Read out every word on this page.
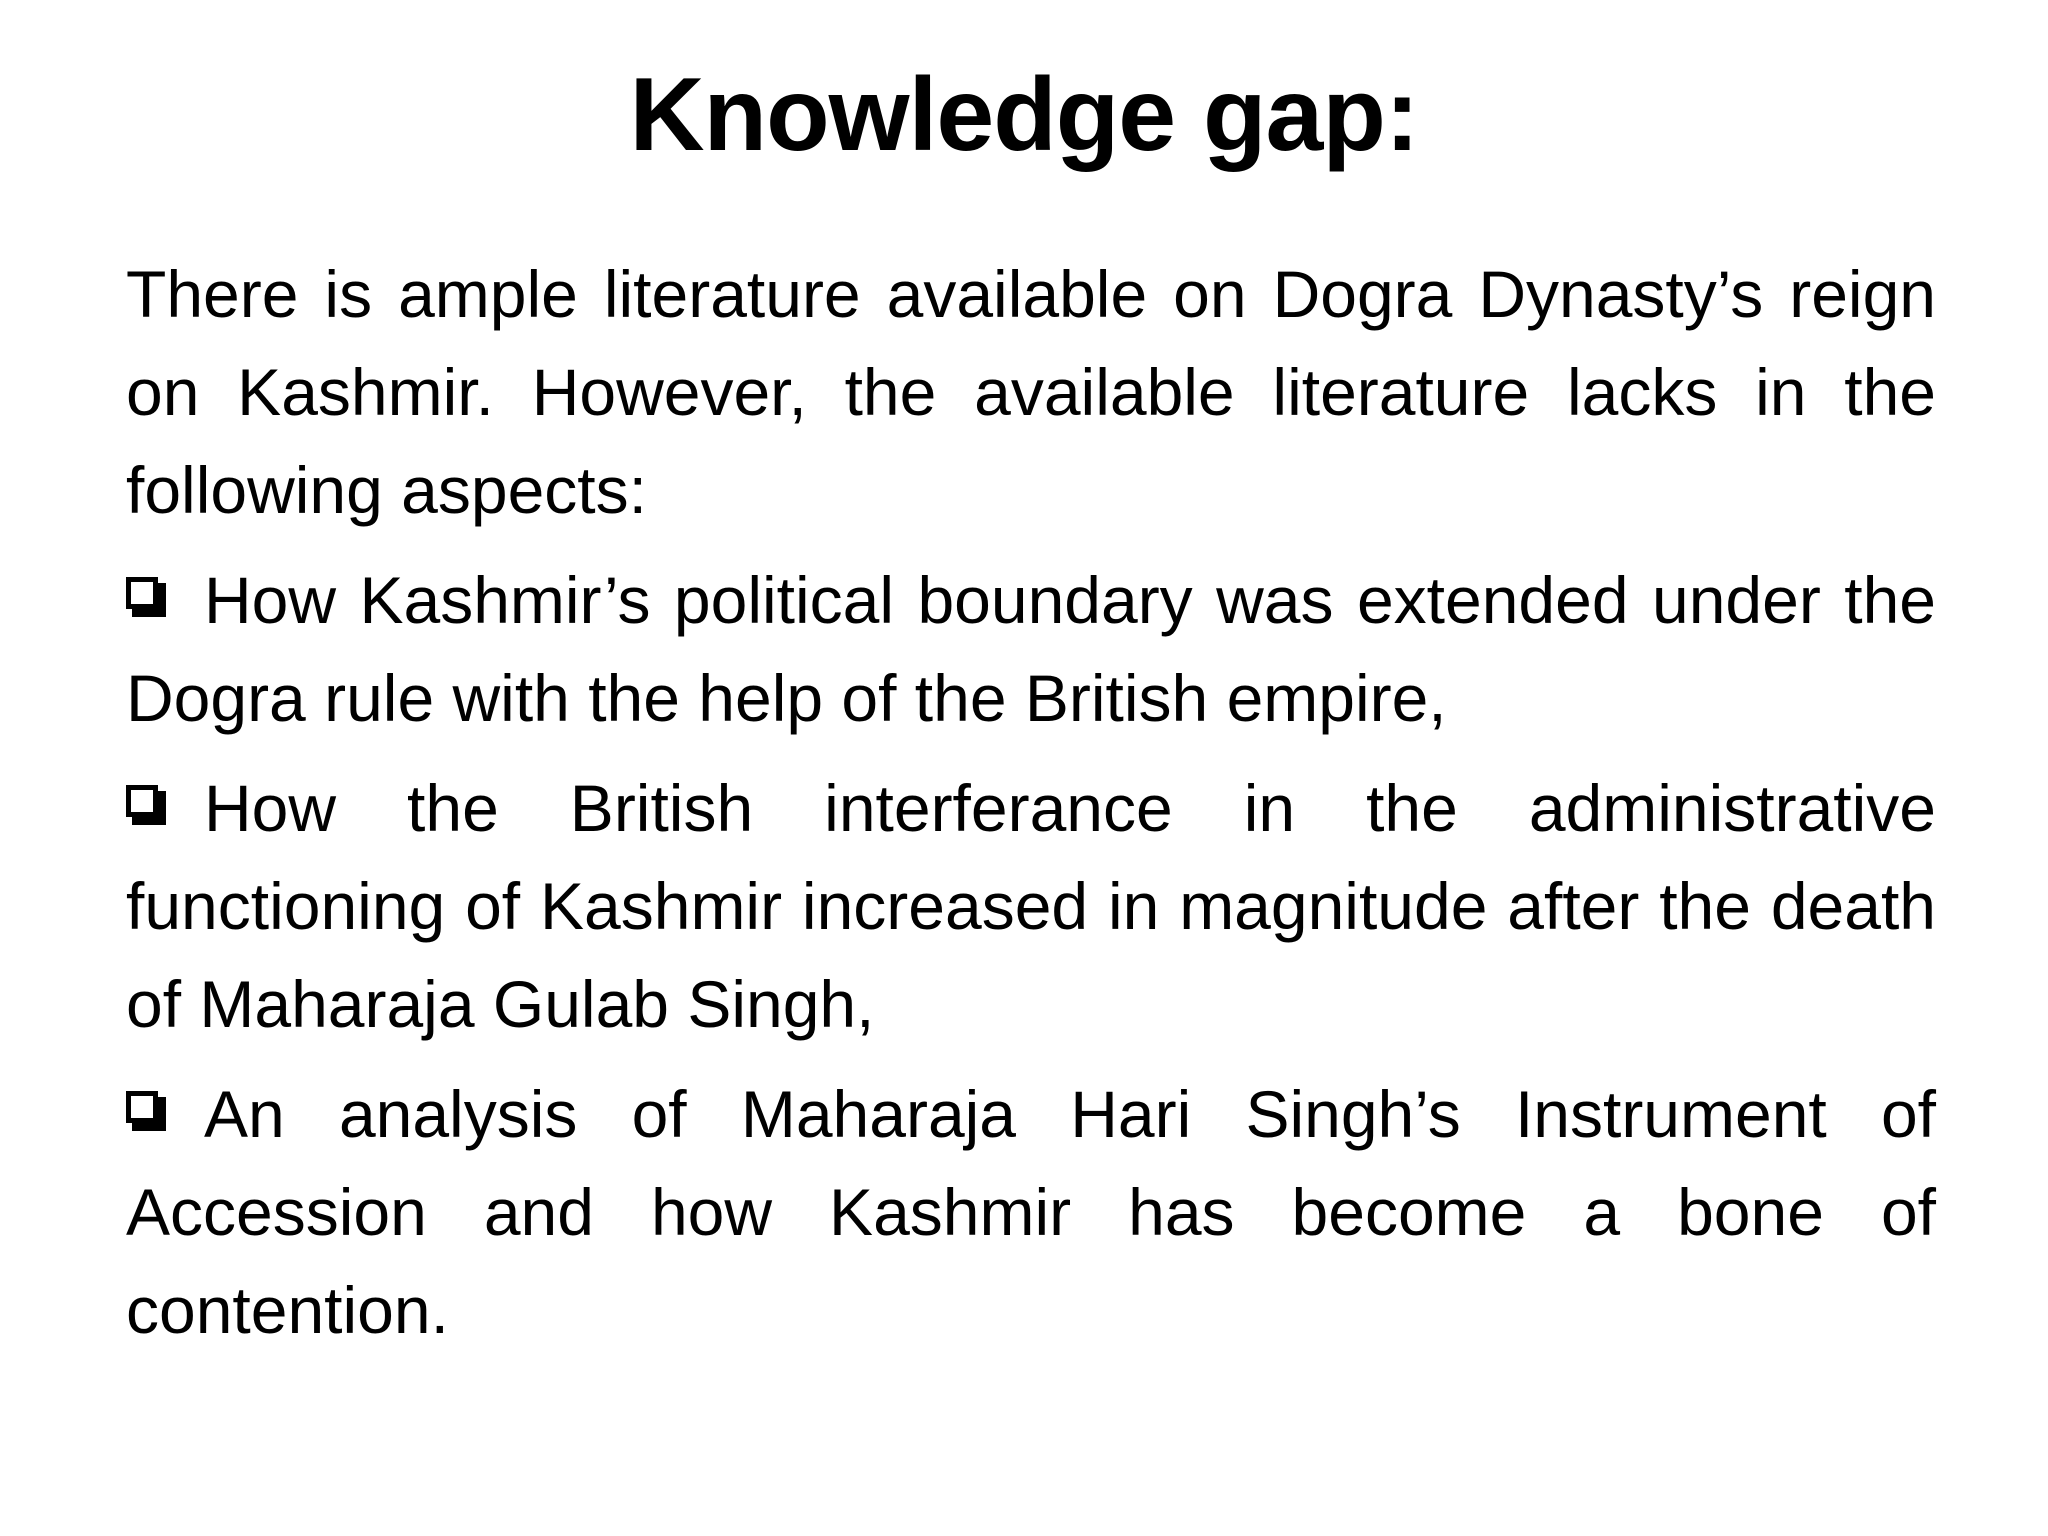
Knowledge gap:

There is ample literature available on Dogra Dynasty’s reign on Kashmir. However, the available literature lacks in the following aspects:

How Kashmir’s political boundary was extended under the Dogra rule with the help of the British empire,

How the British interferance in the administrative functioning of Kashmir increased in magnitude after the death of Maharaja Gulab Singh,

An analysis of Maharaja Hari Singh’s Instrument of Accession and how Kashmir has become a bone of contention.
